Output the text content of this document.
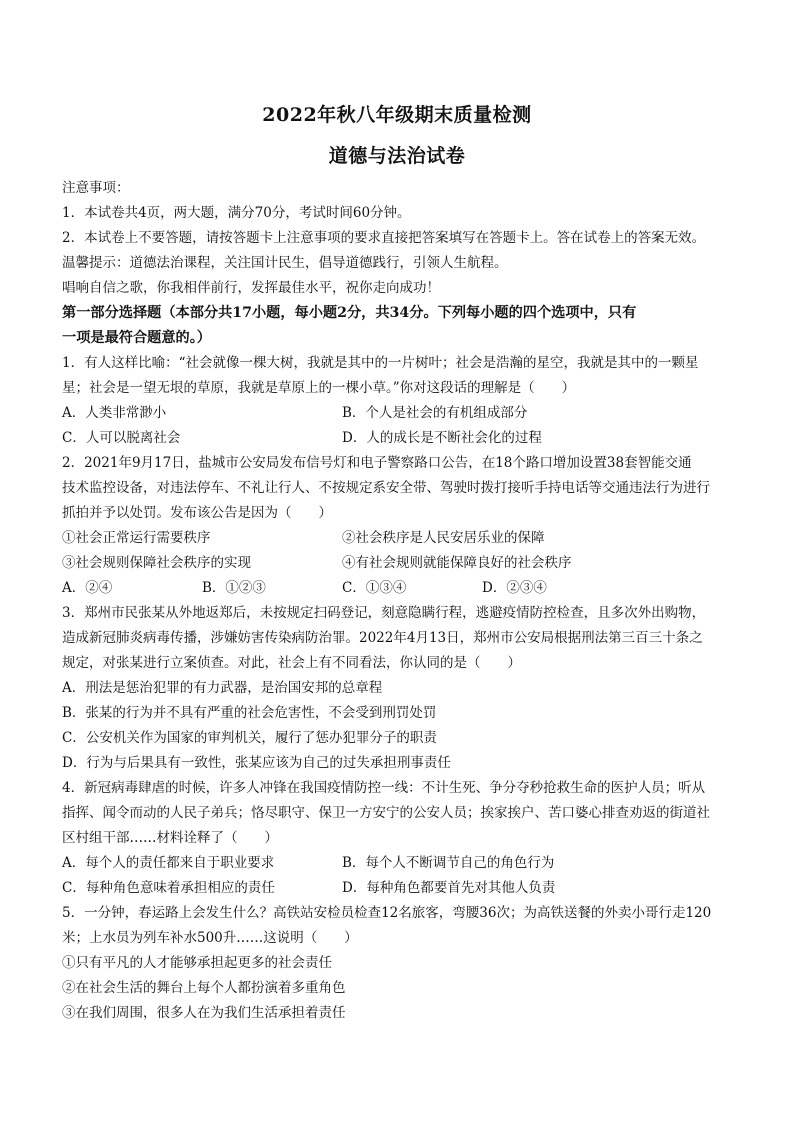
2022年秋八年级期末质量检测
道德与法治试卷
注意事项：
1．本试卷共4页，两大题，满分70分，考试时间60分钟。
2．本试卷上不要答题，请按答题卡上注意事项的要求直接把答案填写在答题卡上。答在试卷上的答案无效。
温馨提示：道德法治课程，关注国计民生，倡导道德践行，引领人生航程。
唱响自信之歌，你我相伴前行，发挥最佳水平，祝你走向成功！
第一部分选择题（本部分共17小题，每小题2分，共34分。下列每小题的四个选项中，只有
一项是最符合题意的。）
1．有人这样比喻：“社会就像一棵大树，我就是其中的一片树叶；社会是浩瀚的星空，我就是其中的一颗星
星；社会是一望无垠的草原，我就是草原上的一棵小草。”你对这段话的理解是（　　）
A．人类非常渺小	B．个人是社会的有机组成部分
C．人可以脱离社会	D．人的成长是不断社会化的过程
2．2021年9月17日，盐城市公安局发布信号灯和电子警察路口公告，在18个路口增加设置38套智能交通
技术监控设备，对违法停车、不礼让行人、不按规定系安全带、驾驶时拨打接听手持电话等交通违法行为进行
抓拍并予以处罚。发布该公告是因为（　　）
①社会正常运行需要秩序	②社会秩序是人民安居乐业的保障
③社会规则保障社会秩序的实现	④有社会规则就能保障良好的社会秩序
A．②④	B．①②③	C．①③④	D．②③④
3．郑州市民张某从外地返郑后，未按规定扫码登记，刻意隐瞒行程，逃避疫情防控检查，且多次外出购物，
造成新冠肺炎病毒传播，涉嫌妨害传染病防治罪。2022年4月13日，郑州市公安局根据刑法第三百三十条之
规定，对张某进行立案侦查。对此，社会上有不同看法，你认同的是（　　）
A．刑法是惩治犯罪的有力武器，是治国安邦的总章程
B．张某的行为并不具有严重的社会危害性，不会受到刑罚处罚
C．公安机关作为国家的审判机关，履行了惩办犯罪分子的职责
D．行为与后果具有一致性，张某应该为自己的过失承担刑事责任
4．新冠病毒肆虐的时候，许多人冲锋在我国疫情防控一线：不计生死、争分夺秒抢救生命的医护人员；听从
指挥、闻令而动的人民子弟兵；恪尽职守、保卫一方安宁的公安人员；挨家挨户、苦口婆心排查劝返的街道社
区村组干部……材料诠释了（　　）
A．每个人的责任都来自于职业要求	B．每个人不断调节自己的角色行为
C．每种角色意味着承担相应的责任	D．每种角色都要首先对其他人负责
5．一分钟，春运路上会发生什么？高铁站安检员检查12名旅客，弯腰36次；为高铁送餐的外卖小哥行走120
米；上水员为列车补水500升……这说明（　　）
①只有平凡的人才能够承担起更多的社会责任
②在社会生活的舞台上每个人都扮演着多重角色
③在我们周围，很多人在为我们生活承担着责任
